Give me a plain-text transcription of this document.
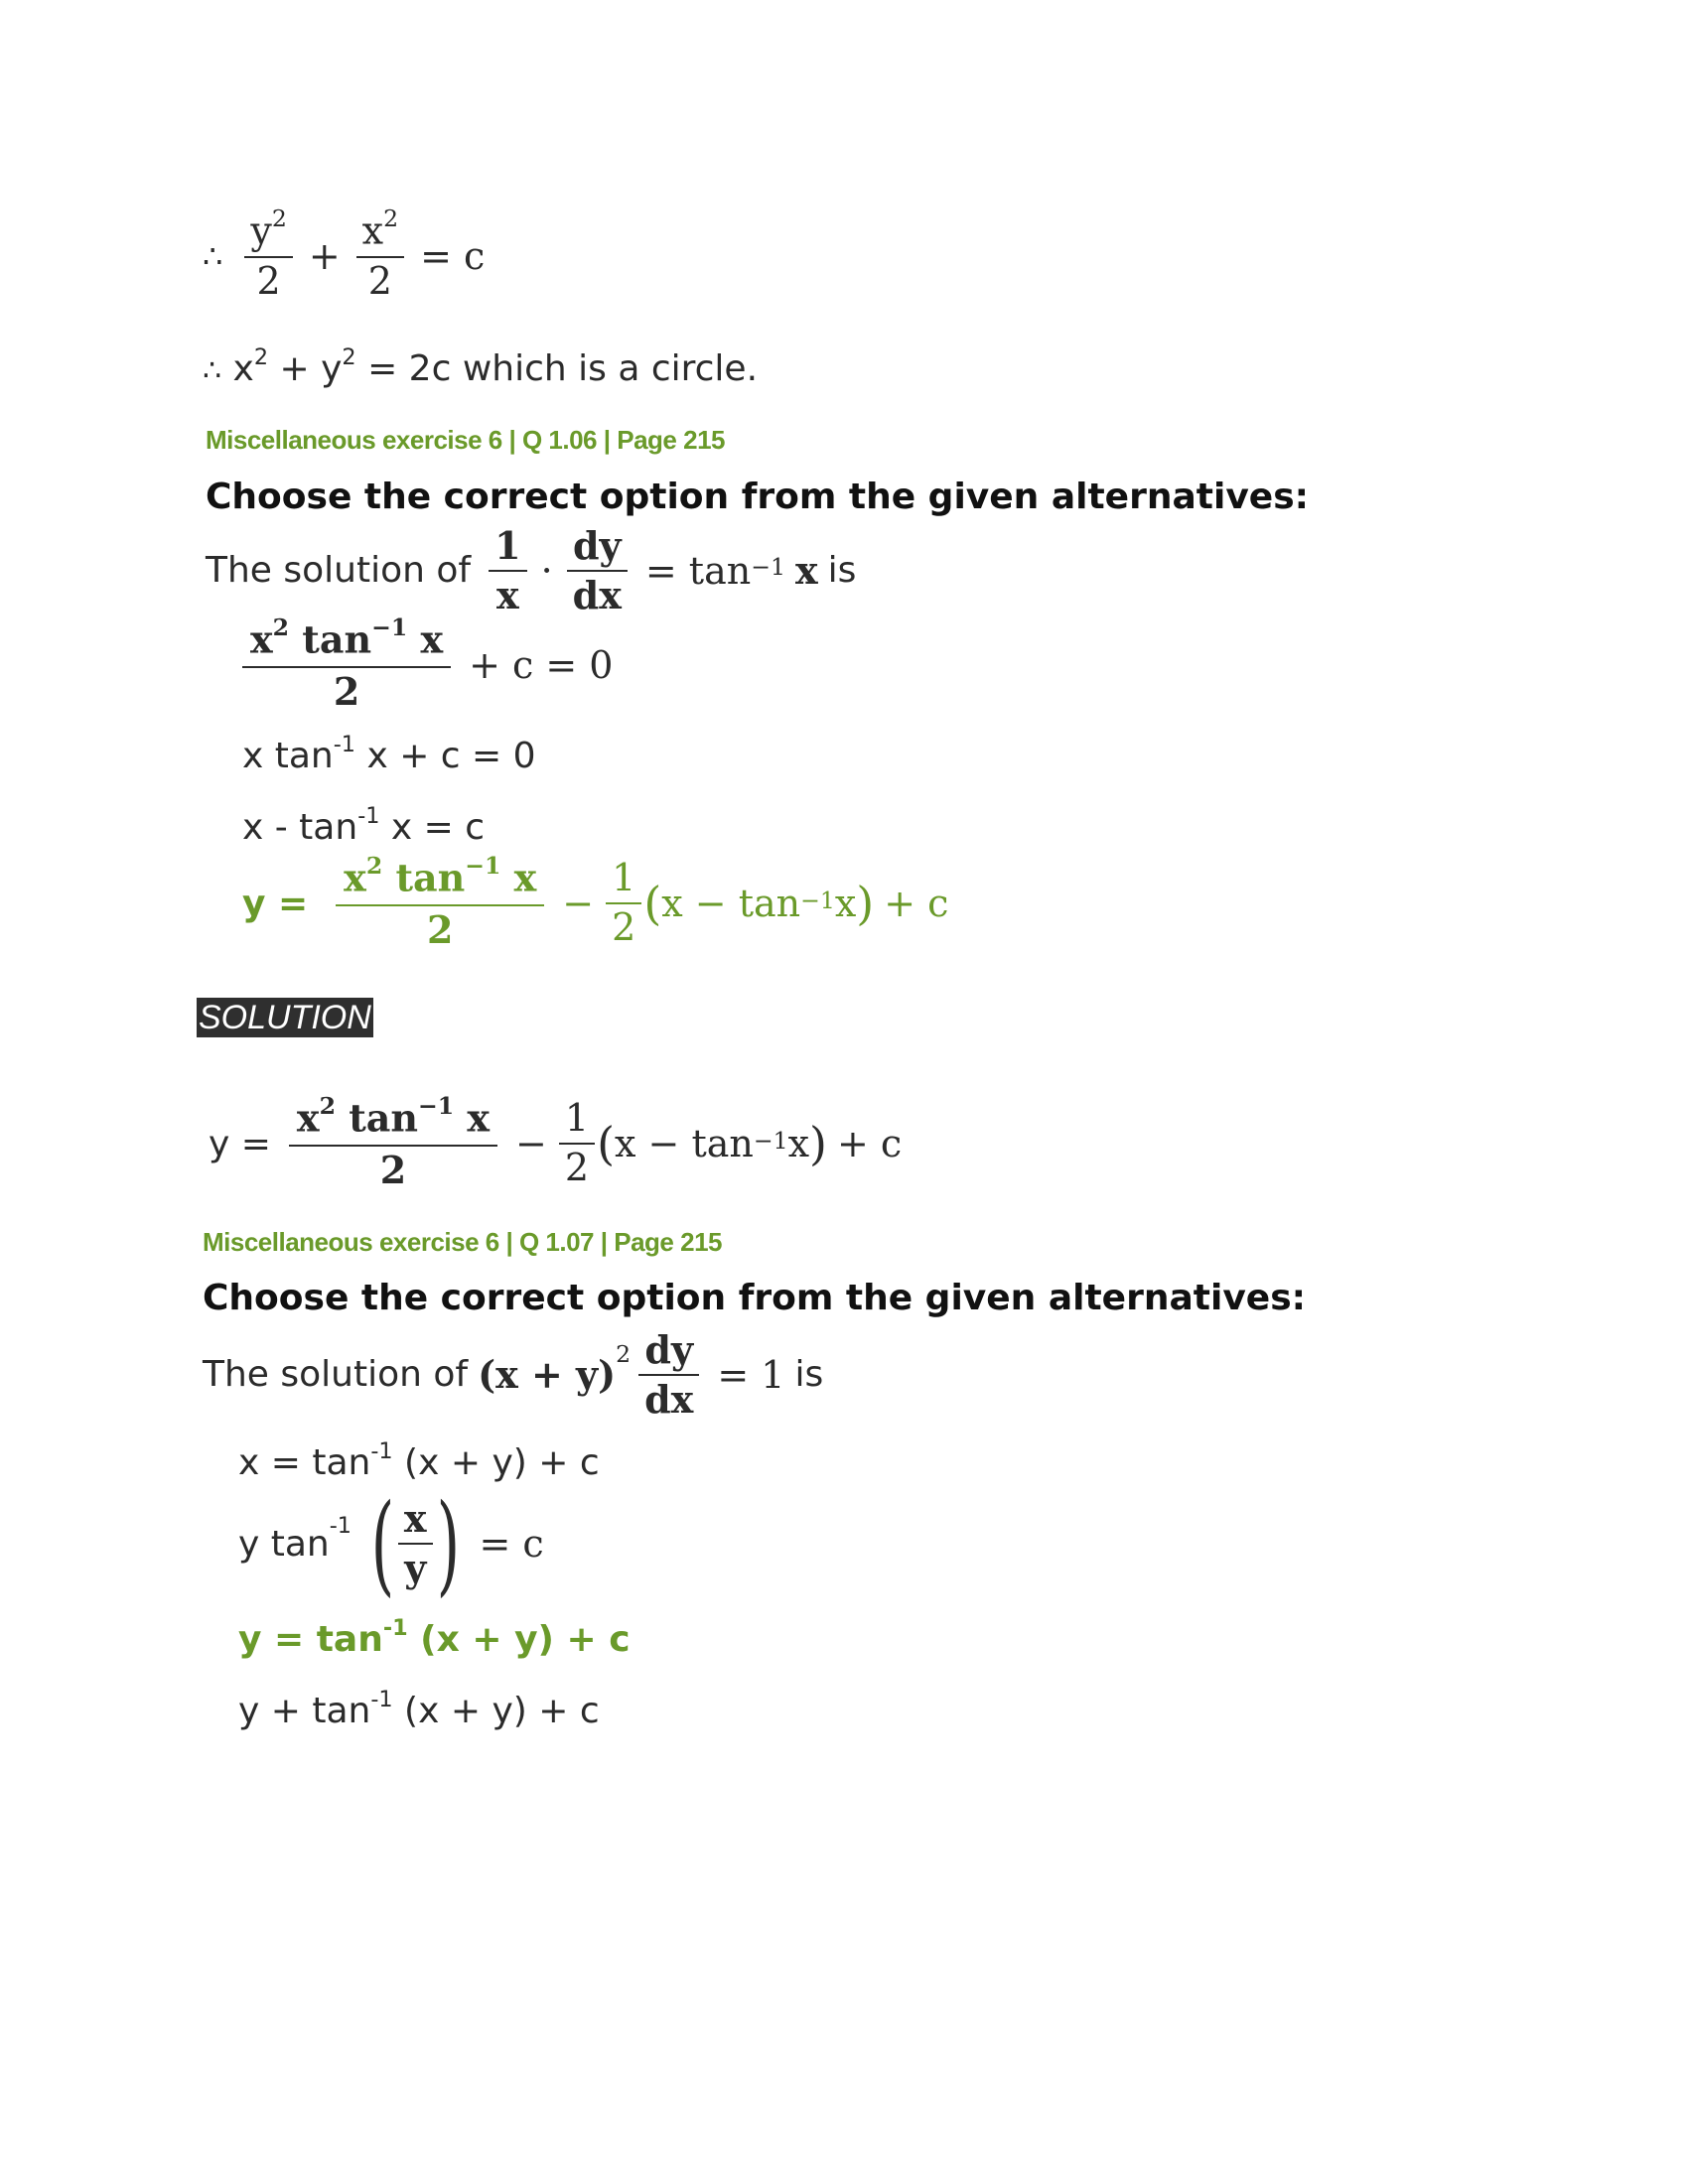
∴ $\frac{y^2}{2} + \frac{x^2}{2} = c$
∴ $x^2 + y^2 = 2c$ which is a circle.
Miscellaneous exercise 6 | Q 1.06 | Page 215
Choose the correct option from the given alternatives:
The solution of $\frac{1}{x} \cdot \frac{dy}{dx} = \tan^{-1} x$ is
$\frac{x^2 \tan^{-1} x}{2} + c = 0$
x $\tan^{-1} x + c = 0$
$x - \tan^{-1} x = c$
$y = \frac{x^2 \tan^{-1} x}{2} - \frac{1}{2}$ ( $x - \tan^{-1} x$ ) + c
SOLUTION
$y = \frac{x^2 \tan^{-1} x}{2} - \frac{1}{2}$ ( $x - \tan^{-1} x$ ) + c
Miscellaneous exercise 6 | Q 1.07 | Page 215
Choose the correct option from the given alternatives:
The solution of $(x + y)^2 \frac{dy}{dx} = 1$ is
$x = \tan^{-1} (x + y) + c$
y $\tan^{-1}$ ( $\frac{x}{y}$ ) = c
$y = \tan^{-1} (x + y) + c$
$y + \tan^{-1} (x + y) + c$
